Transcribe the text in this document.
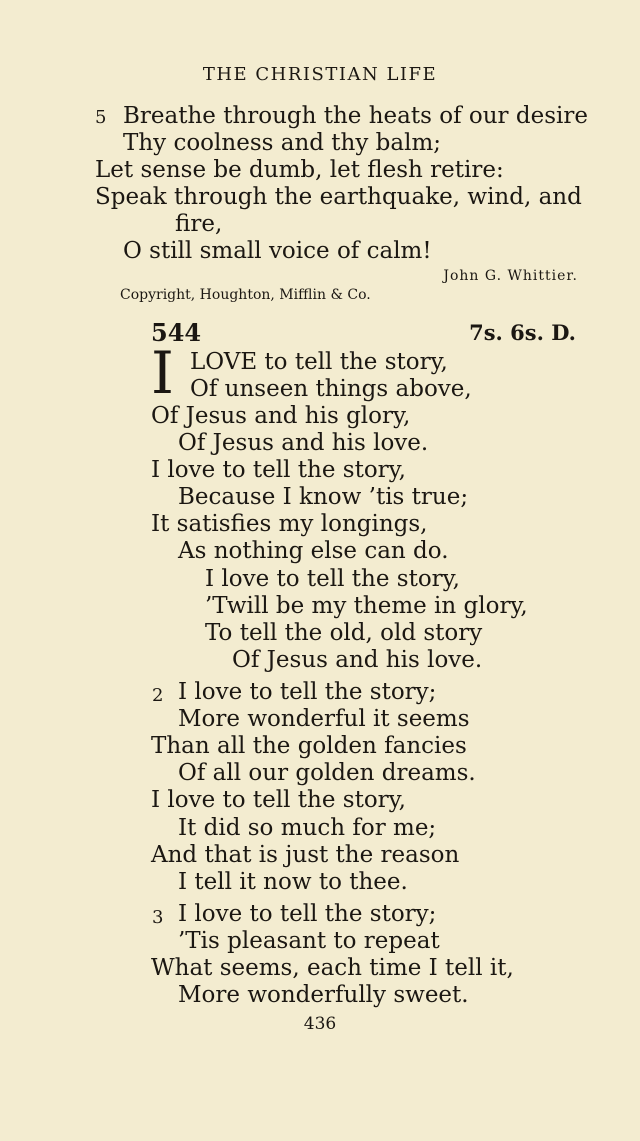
THE CHRISTIAN LIFE
5 Breathe through the heats of our desire
Thy coolness and thy balm;
Let sense be dumb, let flesh retire:
Speak through the earthquake, wind, and
fire,
O still small voice of calm!
John G. Whittier.
Copyright, Houghton, Mifflin & Co.
544	7s. 6s. D.
I LOVE to tell the story,
Of unseen things above,
Of Jesus and his glory,
Of Jesus and his love.
I love to tell the story,
Because I know ’tis true;
It satisfies my longings,
As nothing else can do.
I love to tell the story,
’Twill be my theme in glory,
To tell the old, old story
Of Jesus and his love.
2 I love to tell the story;
More wonderful it seems
Than all the golden fancies
Of all our golden dreams.
I love to tell the story,
It did so much for me;
And that is just the reason
I tell it now to thee.
3 I love to tell the story;
’Tis pleasant to repeat
What seems, each time I tell it,
More wonderfully sweet.
436
